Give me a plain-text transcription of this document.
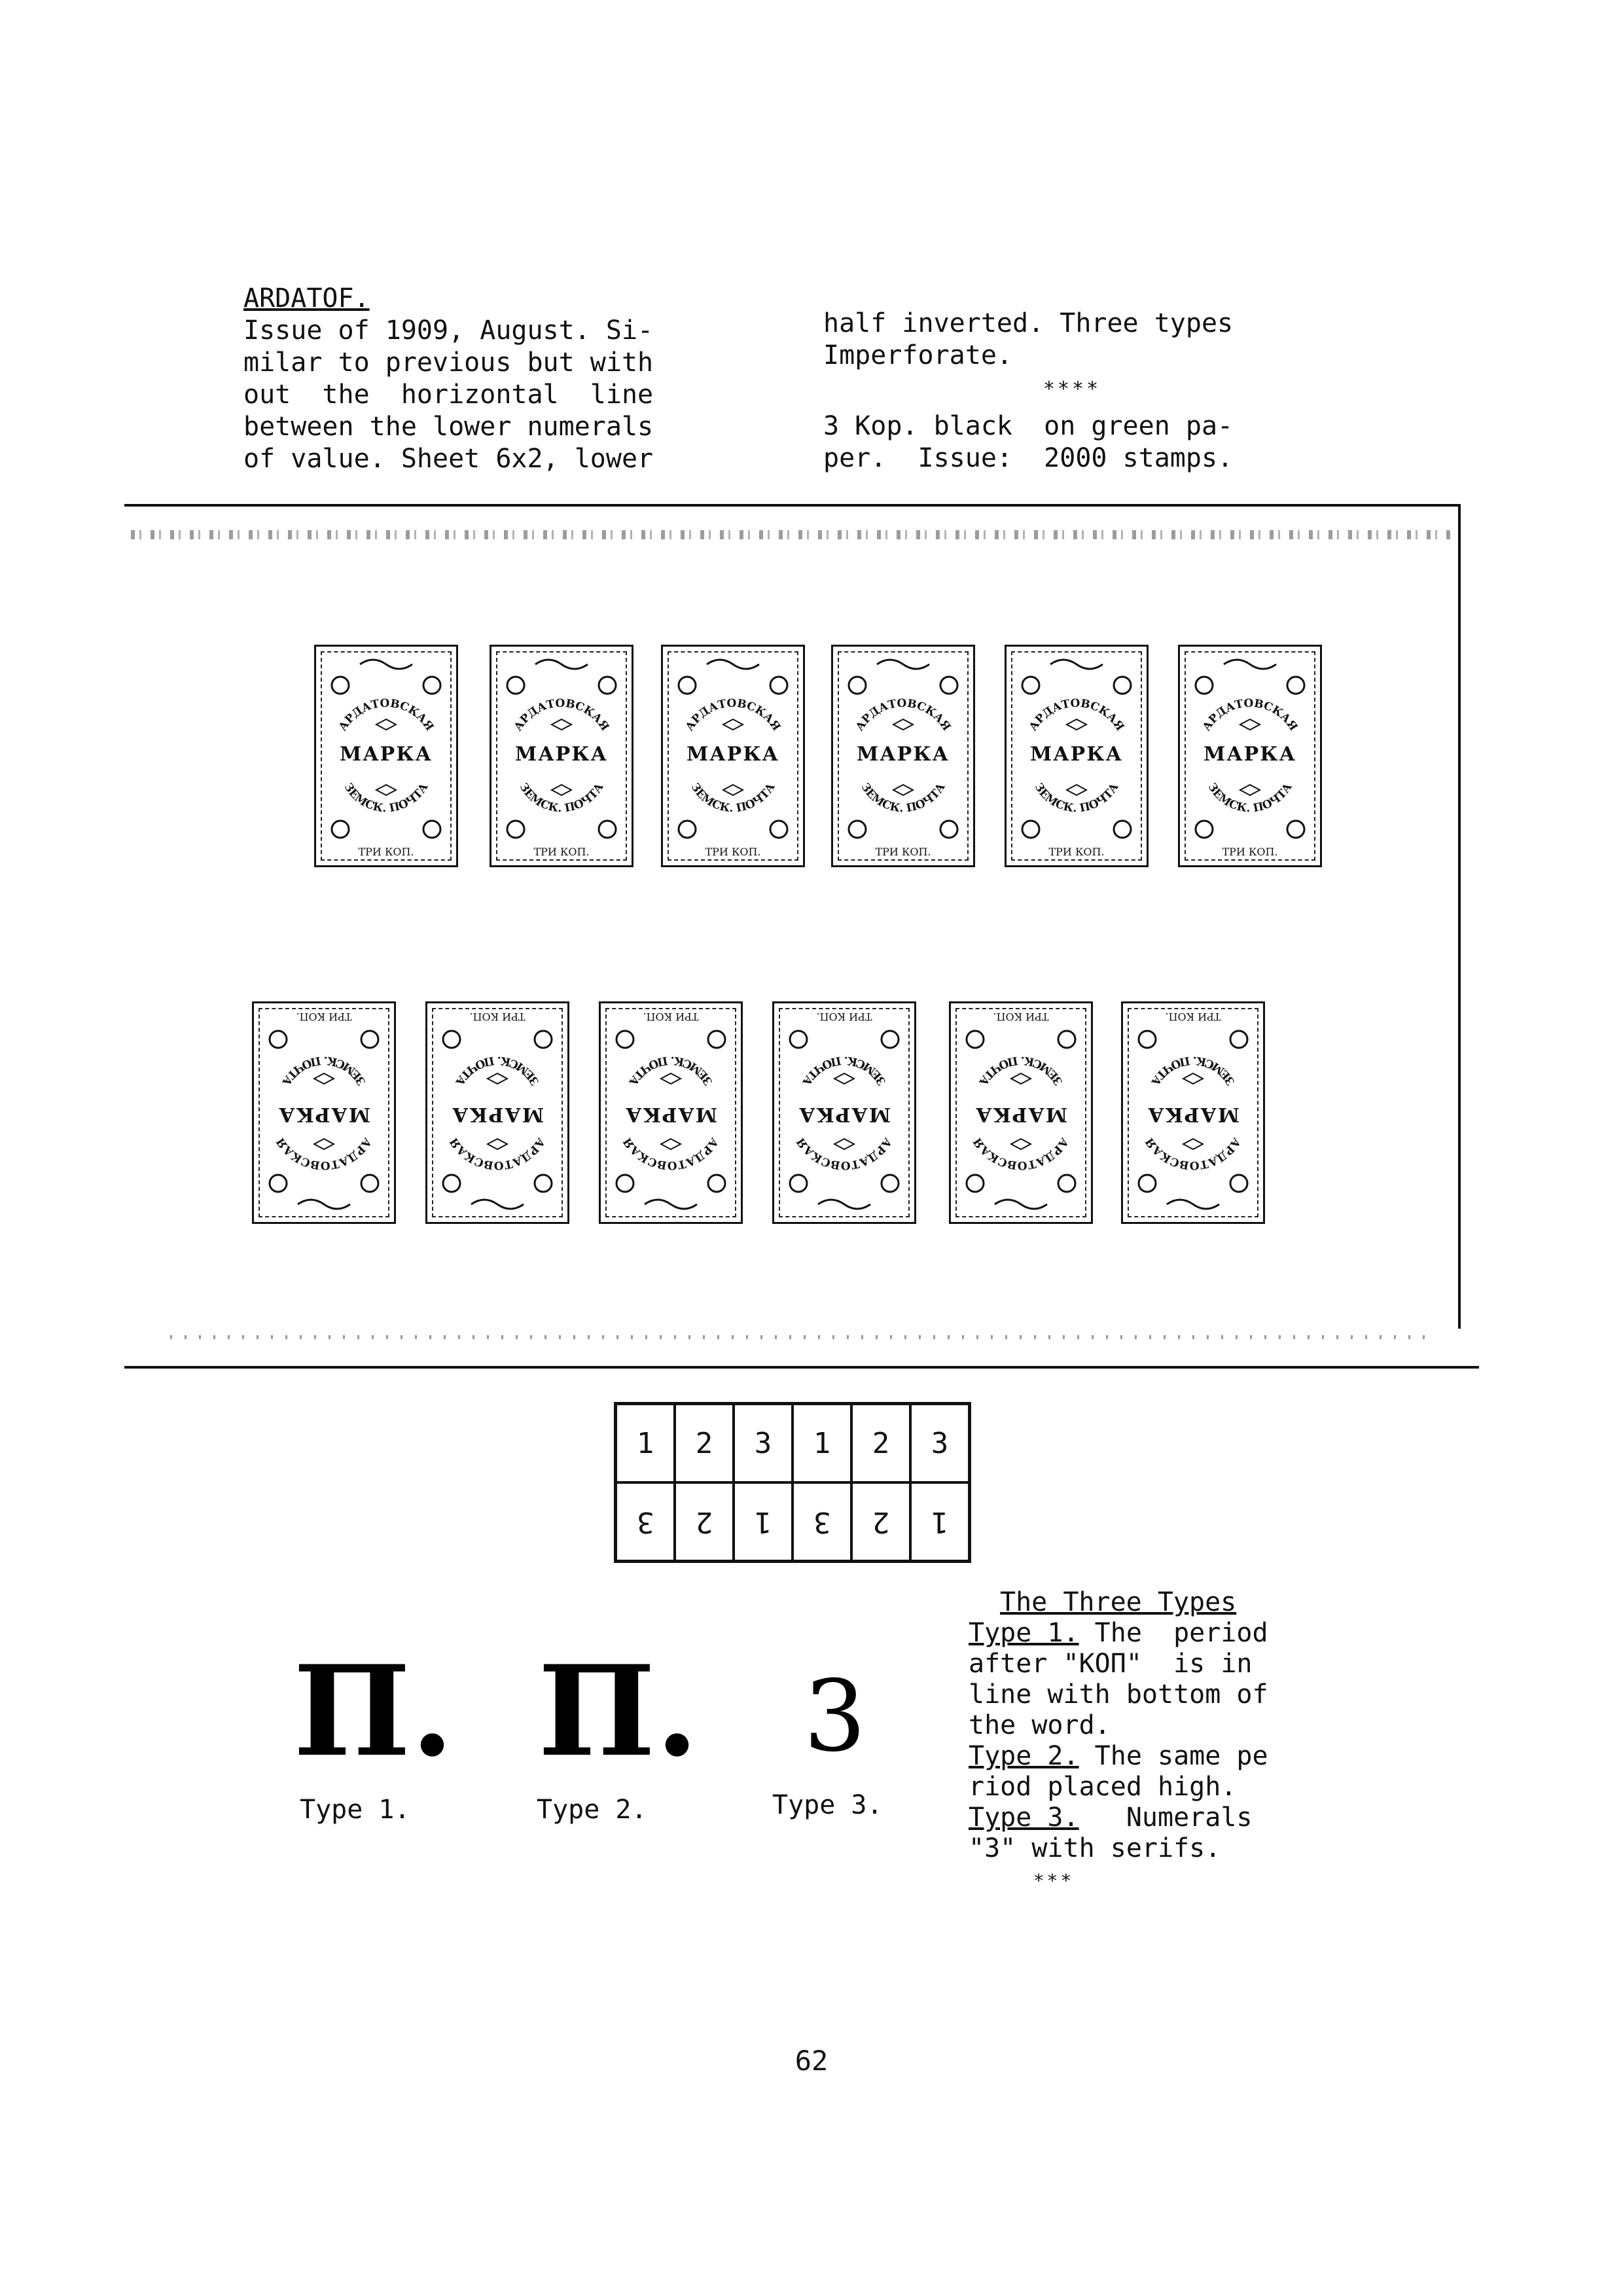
ARDATOF.
Issue of 1909, August. Si-
milar to previous but with
out  the  horizontal  line
between the lower numerals
of value. Sheet 6x2, lower
half inverted. Three types
Imperforate.
****
3 Kop. black  on green pa-
per.  Issue:  2000 stamps.
АРДАТОВСКАЯ
ЗЕМСК. ПОЧТА
МАРКА
ТРИ КОП.
АРДАТОВСКАЯ
ЗЕМСК. ПОЧТА
МАРКА
ТРИ КОП.
АРДАТОВСКАЯ
ЗЕМСК. ПОЧТА
МАРКА
ТРИ КОП.
АРДАТОВСКАЯ
ЗЕМСК. ПОЧТА
МАРКА
ТРИ КОП.
АРДАТОВСКАЯ
ЗЕМСК. ПОЧТА
МАРКА
ТРИ КОП.
АРДАТОВСКАЯ
ЗЕМСК. ПОЧТА
МАРКА
ТРИ КОП.
АРДАТОВСКАЯ
ЗЕМСК. ПОЧТА
МАРКА
ТРИ КОП.
АРДАТОВСКАЯ
ЗЕМСК. ПОЧТА
МАРКА
ТРИ КОП.
АРДАТОВСКАЯ
ЗЕМСК. ПОЧТА
МАРКА
ТРИ КОП.
АРДАТОВСКАЯ
ЗЕМСК. ПОЧТА
МАРКА
ТРИ КОП.
АРДАТОВСКАЯ
ЗЕМСК. ПОЧТА
МАРКА
ТРИ КОП.
АРДАТОВСКАЯ
ЗЕМСК. ПОЧТА
МАРКА
ТРИ КОП.
1 2 3 1 2 3
3 2 1 3 2 1
П.
Type 1.
П.
Type 2.
3
Type 3.
The Three Types
Type 1. The  period
after "КОП"  is in
line with bottom of
the word.
Type 2. The same pe
riod placed high.
Type 3.   Numerals
"3" with serifs.
***
62
